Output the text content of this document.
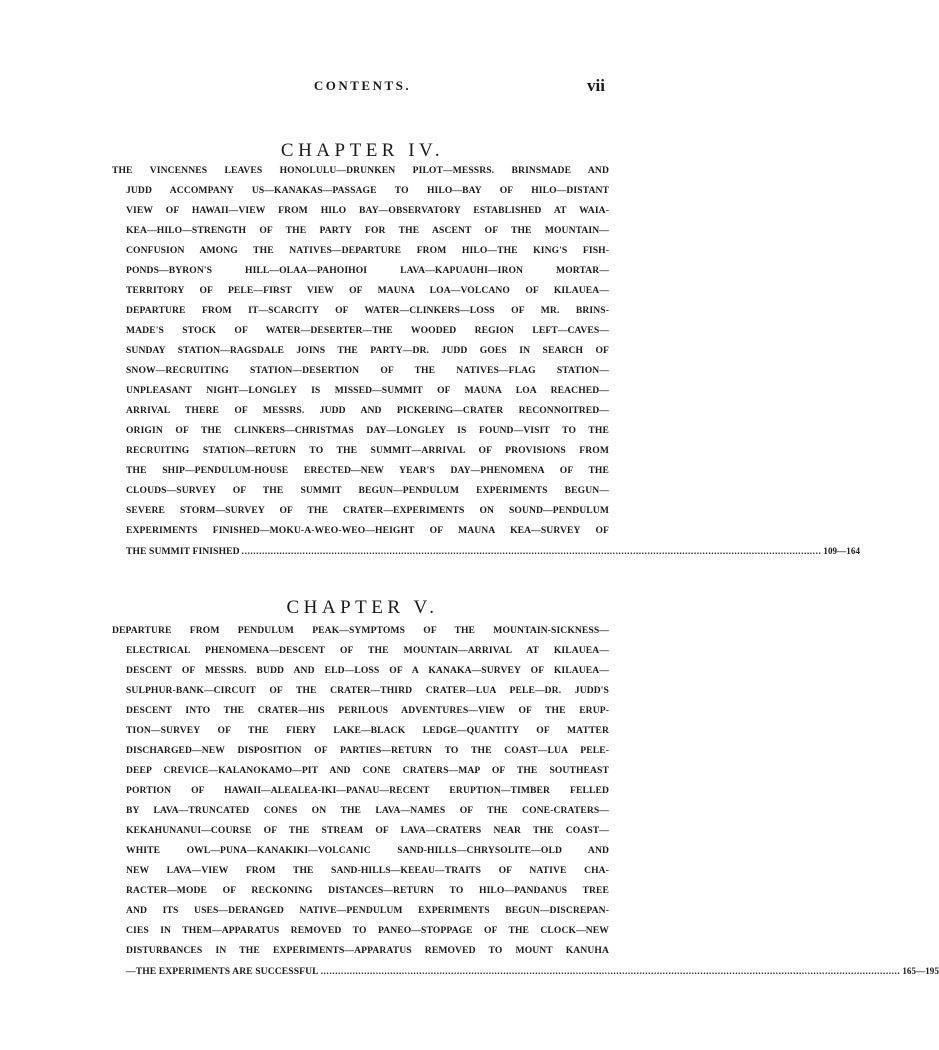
CONTENTS.	vii
CHAPTER IV.
THE VINCENNES LEAVES HONOLULU—DRUNKEN PILOT—MESSRS. BRINSMADE AND
JUDD ACCOMPANY US—KANAKAS—PASSAGE TO HILO—BAY OF HILO—DISTANT
VIEW OF HAWAII—VIEW FROM HILO BAY—OBSERVATORY ESTABLISHED AT WAIA-
KEA—HILO—STRENGTH OF THE PARTY FOR THE ASCENT OF THE MOUNTAIN—
CONFUSION AMONG THE NATIVES—DEPARTURE FROM HILO—THE KING'S FISH-
PONDS—BYRON'S HILL—OLAA—PAHOIHOI LAVA—KAPUAUHI—IRON MORTAR—
TERRITORY OF PELE—FIRST VIEW OF MAUNA LOA—VOLCANO OF KILAUEA—
DEPARTURE FROM IT—SCARCITY OF WATER—CLINKERS—LOSS OF MR. BRINS-
MADE'S STOCK OF WATER—DESERTER—THE WOODED REGION LEFT—CAVES—
SUNDAY STATION—RAGSDALE JOINS THE PARTY—DR. JUDD GOES IN SEARCH OF
SNOW—RECRUITING STATION—DESERTION OF THE NATIVES—FLAG STATION—
UNPLEASANT NIGHT—LONGLEY IS MISSED—SUMMIT OF MAUNA LOA REACHED—
ARRIVAL THERE OF MESSRS. JUDD AND PICKERING—CRATER RECONNOITRED—
ORIGIN OF THE CLINKERS—CHRISTMAS DAY—LONGLEY IS FOUND—VISIT TO THE
RECRUITING STATION—RETURN TO THE SUMMIT—ARRIVAL OF PROVISIONS FROM
THE SHIP—PENDULUM-HOUSE ERECTED—NEW YEAR'S DAY—PHENOMENA OF THE
CLOUDS—SURVEY OF THE SUMMIT BEGUN—PENDULUM EXPERIMENTS BEGUN—
SEVERE STORM—SURVEY OF THE CRATER—EXPERIMENTS ON SOUND—PENDULUM
EXPERIMENTS FINISHED—MOKU-A-WEO-WEO—HEIGHT OF MAUNA KEA—SURVEY OF
THE SUMMIT FINISHED ........................................................................................................................................................................................................ 109—164
CHAPTER V.
DEPARTURE FROM PENDULUM PEAK—SYMPTOMS OF THE MOUNTAIN-SICKNESS—
ELECTRICAL PHENOMENA—DESCENT OF THE MOUNTAIN—ARRIVAL AT KILAUEA—
DESCENT OF MESSRS. BUDD AND ELD—LOSS OF A KANAKA—SURVEY OF KILAUEA—
SULPHUR-BANK—CIRCUIT OF THE CRATER—THIRD CRATER—LUA PELE—DR. JUDD'S
DESCENT INTO THE CRATER—HIS PERILOUS ADVENTURES—VIEW OF THE ERUP-
TION—SURVEY OF THE FIERY LAKE—BLACK LEDGE—QUANTITY OF MATTER
DISCHARGED—NEW DISPOSITION OF PARTIES—RETURN TO THE COAST—LUA PELE-
DEEP CREVICE—KALANOKAMO—PIT AND CONE CRATERS—MAP OF THE SOUTHEAST
PORTION OF HAWAII—ALEALEA-IKI—PANAU—RECENT ERUPTION—TIMBER FELLED
BY LAVA—TRUNCATED CONES ON THE LAVA—NAMES OF THE CONE-CRATERS—
KEKAHUNANUI—COURSE OF THE STREAM OF LAVA—CRATERS NEAR THE COAST—
WHITE OWL—PUNA—KANAKIKI—VOLCANIC SAND-HILLS—CHRYSOLITE—OLD AND
NEW LAVA—VIEW FROM THE SAND-HILLS—KEEAU—TRAITS OF NATIVE CHA-
RACTER—MODE OF RECKONING DISTANCES—RETURN TO HILO—PANDANUS TREE
AND ITS USES—DERANGED NATIVE—PENDULUM EXPERIMENTS BEGUN—DISCREPAN-
CIES IN THEM—APPARATUS REMOVED TO PANEO—STOPPAGE OF THE CLOCK—NEW
DISTURBANCES IN THE EXPERIMENTS—APPARATUS REMOVED TO MOUNT KANUHA
—THE EXPERIMENTS ARE SUCCESSFUL ........................................................................................................................................................................................................ 165—195
